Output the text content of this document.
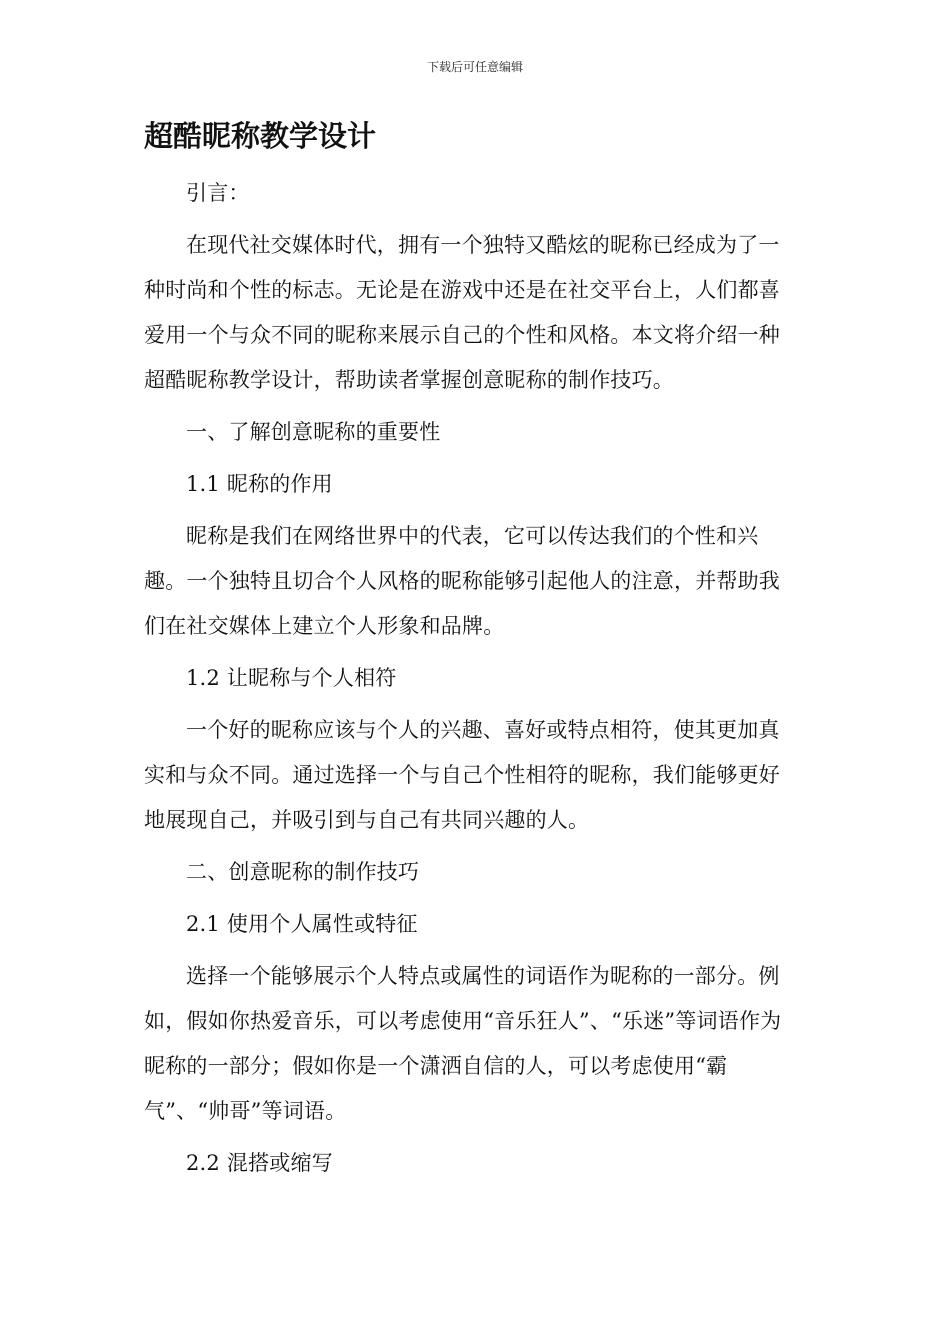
下载后可任意编辑
超酷昵称教学设计

引言：

在现代社交媒体时代，拥有一个独特又酷炫的昵称已经成为了一种时尚和个性的标志。无论是在游戏中还是在社交平台上，人们都喜爱用一个与众不同的昵称来展示自己的个性和风格。本文将介绍一种超酷昵称教学设计，帮助读者掌握创意昵称的制作技巧。

一、了解创意昵称的重要性

1.1 昵称的作用

昵称是我们在网络世界中的代表，它可以传达我们的个性和兴趣。一个独特且切合个人风格的昵称能够引起他人的注意，并帮助我们在社交媒体上建立个人形象和品牌。

1.2 让昵称与个人相符

一个好的昵称应该与个人的兴趣、喜好或特点相符，使其更加真实和与众不同。通过选择一个与自己个性相符的昵称，我们能够更好地展现自己，并吸引到与自己有共同兴趣的人。

二、创意昵称的制作技巧

2.1 使用个人属性或特征

选择一个能够展示个人特点或属性的词语作为昵称的一部分。例如，假如你热爱音乐，可以考虑使用“音乐狂人”、“乐迷”等词语作为昵称的一部分；假如你是一个潇洒自信的人，可以考虑使用“霸气”、“帅哥”等词语。

2.2 混搭或缩写
